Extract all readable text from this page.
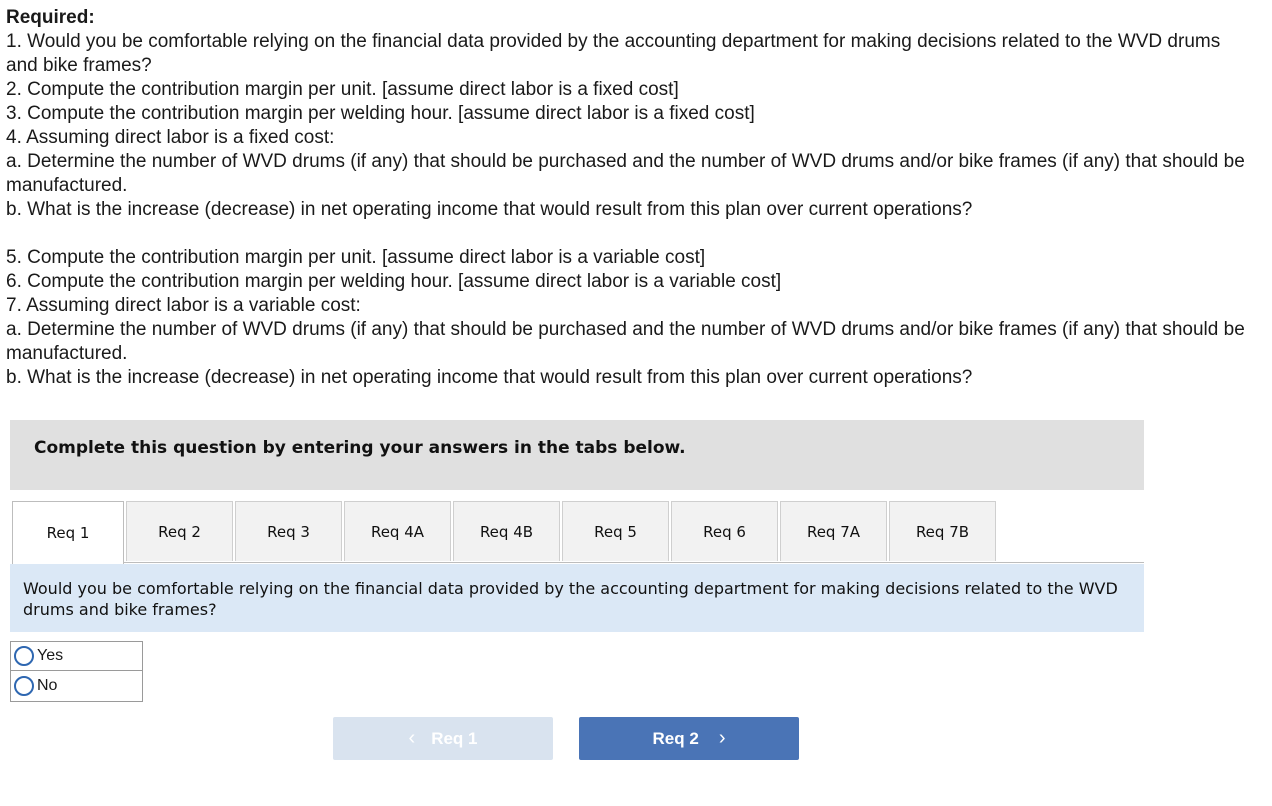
Required:
1. Would you be comfortable relying on the financial data provided by the accounting department for making decisions related to the WVD drums and bike frames?
2. Compute the contribution margin per unit. [assume direct labor is a fixed cost]
3. Compute the contribution margin per welding hour. [assume direct labor is a fixed cost]
4. Assuming direct labor is a fixed cost:
a. Determine the number of WVD drums (if any) that should be purchased and the number of WVD drums and/or bike frames (if any) that should be manufactured.
b. What is the increase (decrease) in net operating income that would result from this plan over current operations?
5. Compute the contribution margin per unit. [assume direct labor is a variable cost]
6. Compute the contribution margin per welding hour. [assume direct labor is a variable cost]
7. Assuming direct labor is a variable cost:
a. Determine the number of WVD drums (if any) that should be purchased and the number of WVD drums and/or bike frames (if any) that should be manufactured.
b. What is the increase (decrease) in net operating income that would result from this plan over current operations?
Complete this question by entering your answers in the tabs below.
Req 1	Req 2	Req 3	Req 4A	Req 4B	Req 5	Req 6	Req 7A	Req 7B
Would you be comfortable relying on the financial data provided by the accounting department for making decisions related to the WVD drums and bike frames?
Yes
No
‹ Req 1	Req 2 ›
